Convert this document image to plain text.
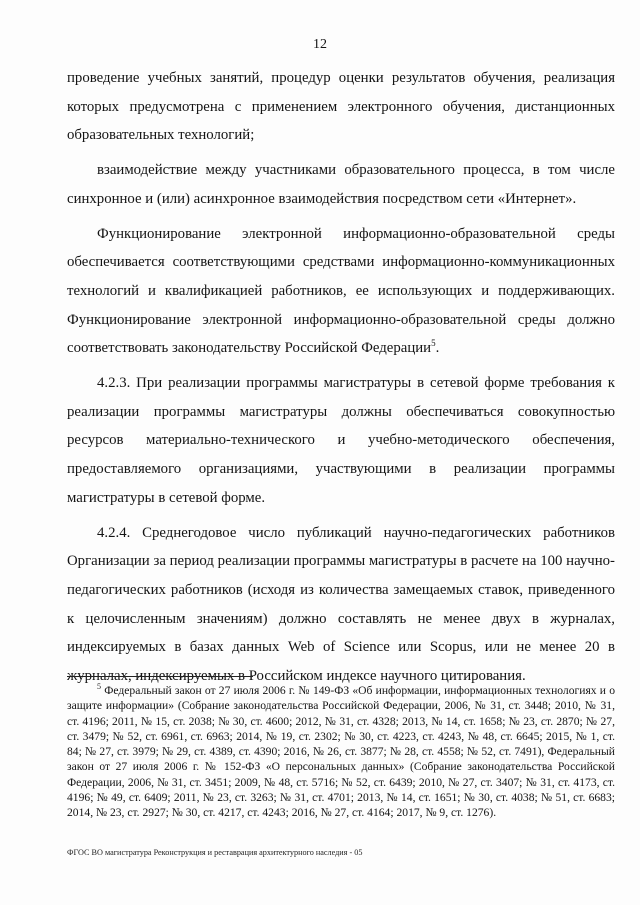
12

проведение учебных занятий, процедур оценки результатов обучения, реализация которых предусмотрена с применением электронного обучения, дистанционных образовательных технологий;

взаимодействие между участниками образовательного процесса, в том числе синхронное и (или) асинхронное взаимодействия посредством сети «Интернет».

Функционирование электронной информационно-образовательной среды обеспечивается соответствующими средствами информационно-коммуникационных технологий и квалификацией работников, ее использующих и поддерживающих. Функционирование электронной информационно-образовательной среды должно соответствовать законодательству Российской Федерации$^5$.

4.2.3. При реализации программы магистратуры в сетевой форме требования к реализации программы магистратуры должны обеспечиваться совокупностью ресурсов материально-технического и учебно-методического обеспечения, предоставляемого организациями, участвующими в реализации программы магистратуры в сетевой форме.

4.2.4. Среднегодовое число публикаций научно-педагогических работников Организации за период реализации программы магистратуры в расчете на 100 научно-педагогических работников (исходя из количества замещаемых ставок, приведенного к целочисленным значениям) должно составлять не менее двух в журналах, индексируемых в базах данных Web of Science или Scopus, или не менее 20 в журналах, индексируемых в Российском индексе научного цитирования.

$^5$ Федеральный закон от 27 июля 2006 г. № 149-ФЗ «Об информации, информационных технологиях и о защите информации» (Собрание законодательства Российской Федерации, 2006, № 31, ст. 3448; 2010, № 31, ст. 4196; 2011, № 15, ст. 2038; № 30, ст. 4600; 2012, № 31, ст. 4328; 2013, № 14, ст. 1658; № 23, ст. 2870; № 27, ст. 3479; № 52, ст. 6961, ст. 6963; 2014, № 19, ст. 2302; № 30, ст. 4223, ст. 4243, № 48, ст. 6645; 2015, № 1, ст. 84; № 27, ст. 3979; № 29, ст. 4389, ст. 4390; 2016, № 26, ст. 3877; № 28, ст. 4558; № 52, ст. 7491), Федеральный закон от 27 июля 2006 г. № 152-ФЗ «О персональных данных» (Собрание законодательства Российской Федерации, 2006, № 31, ст. 3451; 2009, № 48, ст. 5716; № 52, ст. 6439; 2010, № 27, ст. 3407; № 31, ст. 4173, ст. 4196; № 49, ст. 6409; 2011, № 23, ст. 3263; № 31, ст. 4701; 2013, № 14, ст. 1651; № 30, ст. 4038; № 51, ст. 6683; 2014, № 23, ст. 2927; № 30, ст. 4217, ст. 4243; 2016, № 27, ст. 4164; 2017, № 9, ст. 1276).
ФГОС ВО магистратура Реконструкция и реставрация архитектурного наследия - 05
